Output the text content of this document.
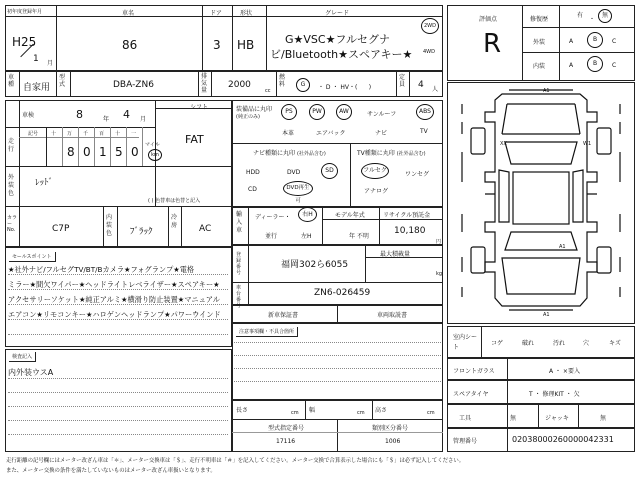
初年度登録年月
H25
1 月
車名
86
ドア
3
形状
HB
グレード
G★VSC★フルセグナ
ビ/Bluetooth★スペアキー★
2WD
4WD
車種 自家用
型式	DBA-ZN6
排気量
2000
cc
燃料	G	・ D ・ HV・(      )
定員 4 人
車検	8	年 4 月
シフト
FAT
走行
記号	十 万 千 百 十 一
8 0 1 5 0 マイル
km
外装色
ﾚｯﾄﾞ
( ) 色替車は色替と記入
カラー No.	C7P
内装色 ﾌﾞﾗｯｸ
冷房 AC
セールスポイント
★社外ナビ/フルセグTV/BT/Bカメラ★フォグランプ★電格
ミラー★間欠ワイパー★ヘッドライトレベライザー★スペアキー★
アクセサリーソケット★純正アルミ★横滑り防止装置★マニュアル
エアコン★リモコンキー★ハロゲンヘッドランプ★パワーウインド
検査記入
内外装ウスA
装備品に丸印
(純正のみ)
PS	PW	AW	サンルーフ	ABS
本革	エアバック	ナビ	TV
ナビ種類に丸印 (社外品含む)
HDD	DVD	SD
CD	DVD再生可
TV種類に丸印 (社外品含む)
フルセグ
ワンセグ
アナログ
輸入車
ディーラー・
並行
右H
左H
モデル年式
年 不明
リサイクル預託金
10,180
円
登録番号
福岡302ら6055
最大積載量
kg
車台番号
ZN6-026459
新車保証書	車両取説書
注意事項欄・不具合箇所
長さ	cm 幅	cm 高さ	cm
型式指定番号	類別区分番号
17116	1006
評価点
R
修復歴
有
・
無
外装	A	B	C
内装	A	B	C
A1
XX	W1
A1
A1
室内シート
コゲ	破れ	汚れ	穴	キズ
フロントガラス	A ・ ×要入
スペアタイヤ	T ・ 修理KIT ・ 欠
工具	無	ジャッキ	無
管理番号	02038000260000042331
走行距離の記号欄にはメーター改ざん車は「＊」、メーター交換車は「＄」、走行不明車は「＃」を記入してください。メーター交換で合算表示した場合にも「＄」は必ず記入してください。
また、メーター交換の条件を満たしていないものはメーター改ざん車扱いとなります。
